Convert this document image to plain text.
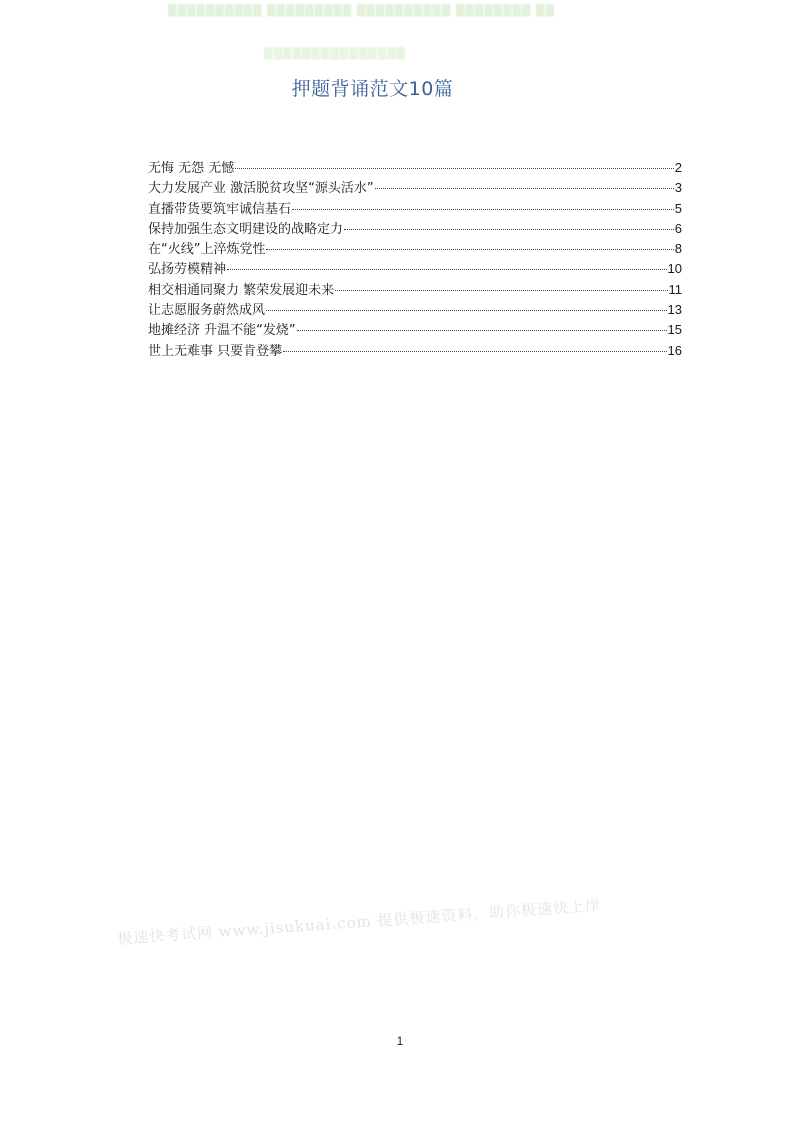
▒▒▒▒▒▒▒▒▒▒ ▒▒▒▒▒▒▒▒▒ ▒▒▒▒▒▒▒▒▒▒ ▒▒▒▒▒▒▒▒ ▒▒
▒▒▒▒▒▒▒▒▒▒▒▒▒▒▒
押题背诵范文10篇
无悔 无怨 无憾	2
大力发展产业 激活脱贫攻坚“源头活水”	3
直播带货要筑牢诚信基石	5
保持加强生态文明建设的战略定力	6
在“火线”上淬炼党性	8
弘扬劳模精神	10
相交相通同聚力 繁荣发展迎未来	11
让志愿服务蔚然成风	13
地摊经济 升温不能“发烧”	15
世上无难事 只要肯登攀	16
极速快考试网 www.jisukuai.com 提供极速资料，助你极速快上岸
1
